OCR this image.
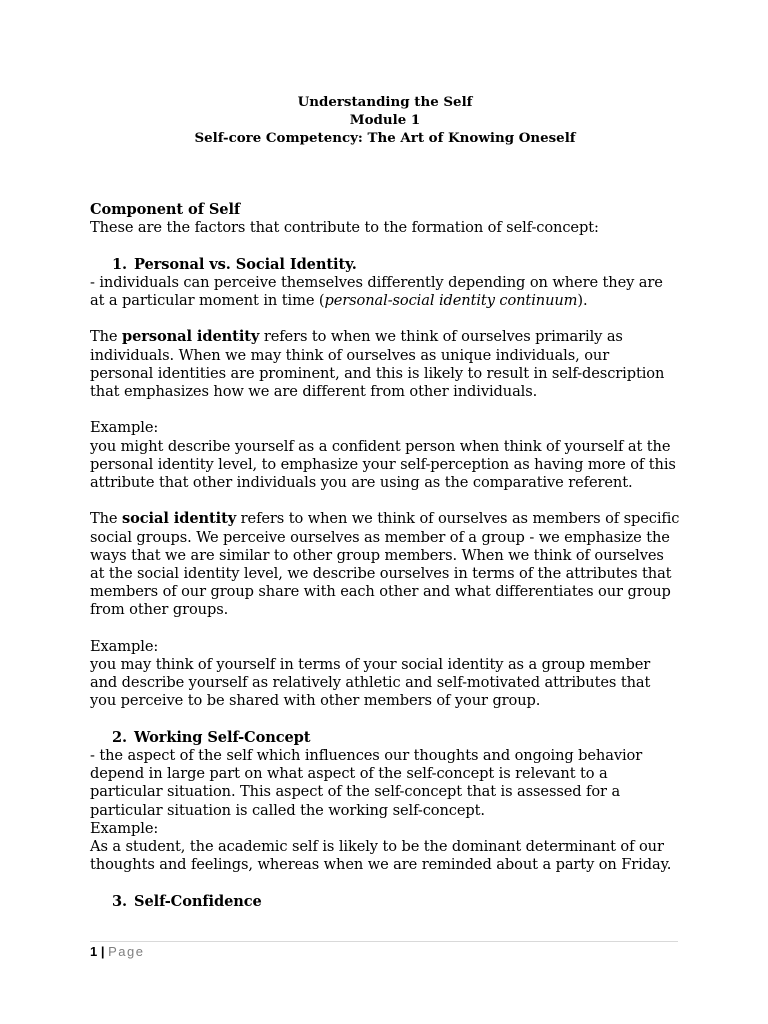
Understanding the Self
Module 1
Self-core Competency: The Art of Knowing Oneself
Component of Self
These are the factors that contribute to the formation of self-concept:
1. Personal vs. Social Identity.
- individuals can perceive themselves differently depending on where they are
at a particular moment in time (personal-social identity continuum).
The personal identity refers to when we think of ourselves primarily as
individuals. When we may think of ourselves as unique individuals, our
personal identities are prominent, and this is likely to result in self-description
that emphasizes how we are different from other individuals.
Example:
you might describe yourself as a confident person when think of yourself at the
personal identity level, to emphasize your self-perception as having more of this
attribute that other individuals you are using as the comparative referent.
The social identity refers to when we think of ourselves as members of specific
social groups. We perceive ourselves as member of a group - we emphasize the
ways that we are similar to other group members. When we think of ourselves
at the social identity level, we describe ourselves in terms of the attributes that
members of our group share with each other and what differentiates our group
from other groups.
Example:
you may think of yourself in terms of your social identity as a group member
and describe yourself as relatively athletic and self-motivated attributes that
you perceive to be shared with other members of your group.
2. Working Self-Concept
- the aspect of the self which influences our thoughts and ongoing behavior
depend in large part on what aspect of the self-concept is relevant to a
particular situation. This aspect of the self-concept that is assessed for a
particular situation is called the working self-concept.
Example:
As a student, the academic self is likely to be the dominant determinant of our
thoughts and feelings, whereas when we are reminded about a party on Friday.
3. Self-Confidence
1 | Page
